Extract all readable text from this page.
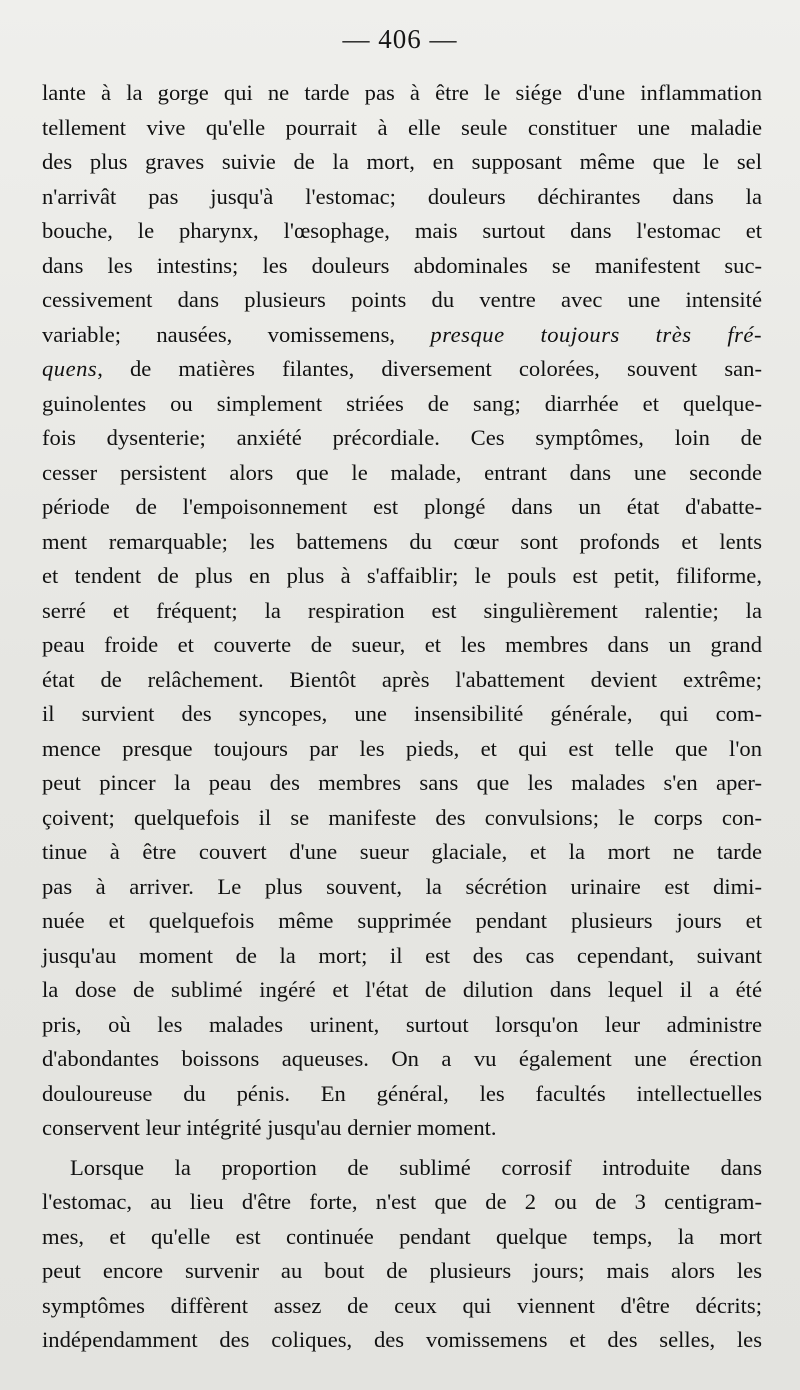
— 406 —
lante à la gorge qui ne tarde pas à être le siége d'une inflammation
tellement vive qu'elle pourrait à elle seule constituer une maladie
des plus graves suivie de la mort, en supposant même que le sel
n'arrivât pas jusqu'à l'estomac; douleurs déchirantes dans la
bouche, le pharynx, l'œsophage, mais surtout dans l'estomac et
dans les intestins; les douleurs abdominales se manifestent suc-
cessivement dans plusieurs points du ventre avec une intensité
variable; nausées, vomissemens, presque toujours très fré-
quens, de matières filantes, diversement colorées, souvent san-
guinolentes ou simplement striées de sang; diarrhée et quelque-
fois dysenterie; anxiété précordiale. Ces symptômes, loin de
cesser persistent alors que le malade, entrant dans une seconde
période de l'empoisonnement est plongé dans un état d'abatte-
ment remarquable; les battemens du cœur sont profonds et lents
et tendent de plus en plus à s'affaiblir; le pouls est petit, filiforme,
serré et fréquent; la respiration est singulièrement ralentie; la
peau froide et couverte de sueur, et les membres dans un grand
état de relâchement. Bientôt après l'abattement devient extrême;
il survient des syncopes, une insensibilité générale, qui com-
mence presque toujours par les pieds, et qui est telle que l'on
peut pincer la peau des membres sans que les malades s'en aper-
çoivent; quelquefois il se manifeste des convulsions; le corps con-
tinue à être couvert d'une sueur glaciale, et la mort ne tarde
pas à arriver. Le plus souvent, la sécrétion urinaire est dimi-
nuée et quelquefois même supprimée pendant plusieurs jours et
jusqu'au moment de la mort; il est des cas cependant, suivant
la dose de sublimé ingéré et l'état de dilution dans lequel il a été
pris, où les malades urinent, surtout lorsqu'on leur administre
d'abondantes boissons aqueuses. On a vu également une érection
douloureuse du pénis. En général, les facultés intellectuelles
conservent leur intégrité jusqu'au dernier moment.
Lorsque la proportion de sublimé corrosif introduite dans
l'estomac, au lieu d'être forte, n'est que de 2 ou de 3 centigram-
mes, et qu'elle est continuée pendant quelque temps, la mort
peut encore survenir au bout de plusieurs jours; mais alors les
symptômes diffèrent assez de ceux qui viennent d'être décrits;
indépendamment des coliques, des vomissemens et des selles, les
